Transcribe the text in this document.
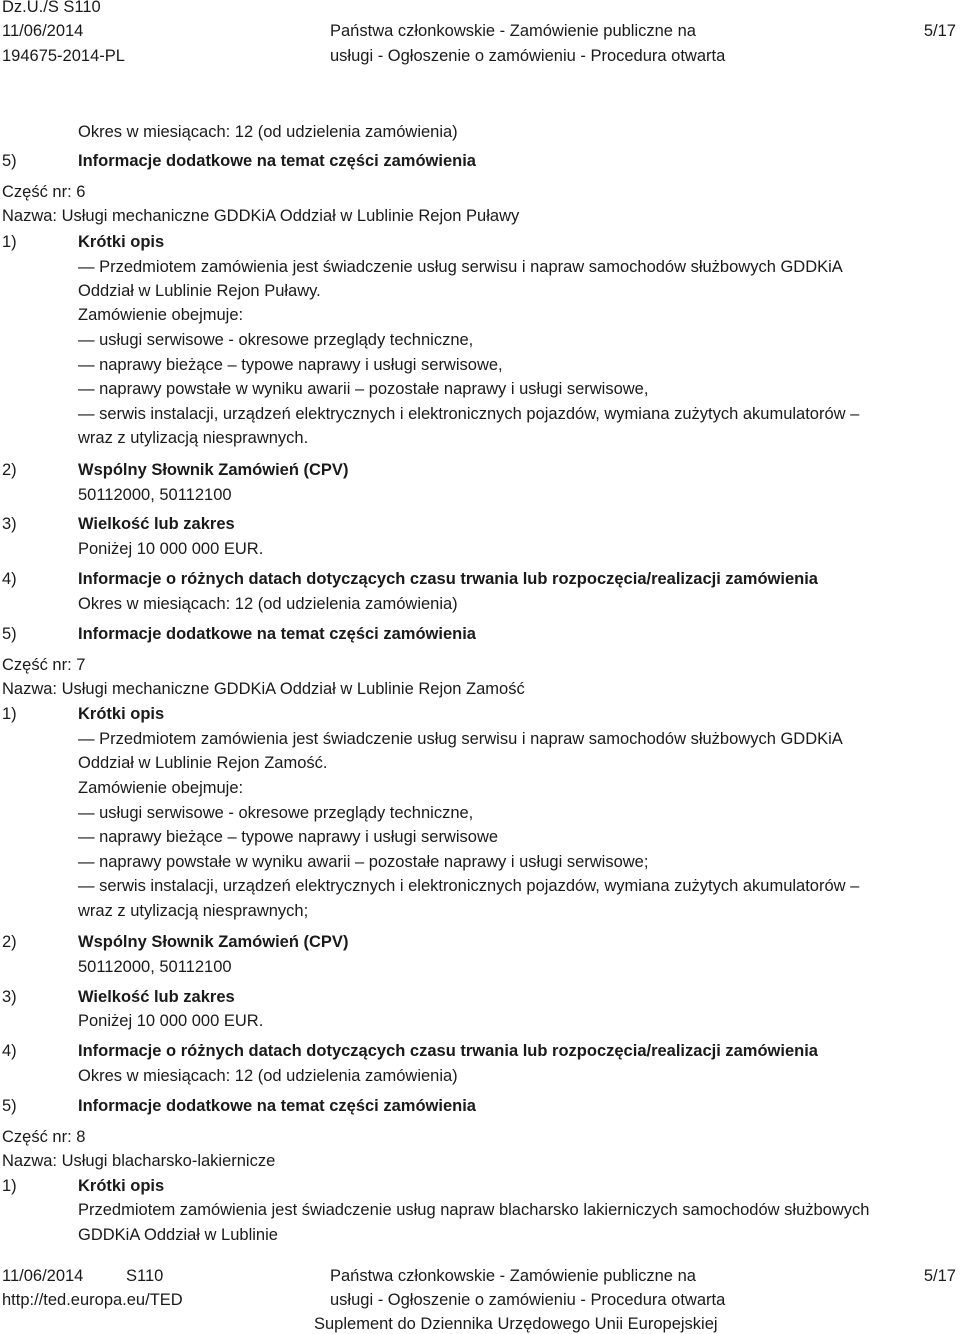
Dz.U./S S110
11/06/2014
194675-2014-PL
Państwa członkowskie - Zamówienie publiczne na
usługi - Ogłoszenie o zamówieniu - Procedura otwarta
5/17
Okres w miesiącach: 12 (od udzielenia zamówienia)
5)	Informacje dodatkowe na temat części zamówienia
Część nr: 6
Nazwa: Usługi mechaniczne GDDKiA Oddział w Lublinie Rejon Puławy
1)	Krótki opis
— Przedmiotem zamówienia jest świadczenie usług serwisu i napraw samochodów służbowych GDDKiA
Oddział w Lublinie Rejon Puławy.
Zamówienie obejmuje:
— usługi serwisowe - okresowe przeglądy techniczne,
— naprawy bieżące – typowe naprawy i usługi serwisowe,
— naprawy powstałe w wyniku awarii – pozostałe naprawy i usługi serwisowe,
— serwis instalacji, urządzeń elektrycznych i elektronicznych pojazdów, wymiana zużytych akumulatorów –
wraz z utylizacją niesprawnych.
2)	Wspólny Słownik Zamówień (CPV)
50112000, 50112100
3)	Wielkość lub zakres
Poniżej 10 000 000 EUR.
4)	Informacje o różnych datach dotyczących czasu trwania lub rozpoczęcia/realizacji zamówienia
Okres w miesiącach: 12 (od udzielenia zamówienia)
5)	Informacje dodatkowe na temat części zamówienia
Część nr: 7
Nazwa: Usługi mechaniczne GDDKiA Oddział w Lublinie Rejon Zamość
1)	Krótki opis
— Przedmiotem zamówienia jest świadczenie usług serwisu i napraw samochodów służbowych GDDKiA
Oddział w Lublinie Rejon Zamość.
Zamówienie obejmuje:
— usługi serwisowe - okresowe przeglądy techniczne,
— naprawy bieżące – typowe naprawy i usługi serwisowe
— naprawy powstałe w wyniku awarii – pozostałe naprawy i usługi serwisowe;
— serwis instalacji, urządzeń elektrycznych i elektronicznych pojazdów, wymiana zużytych akumulatorów –
wraz z utylizacją niesprawnych;
2)	Wspólny Słownik Zamówień (CPV)
50112000, 50112100
3)	Wielkość lub zakres
Poniżej 10 000 000 EUR.
4)	Informacje o różnych datach dotyczących czasu trwania lub rozpoczęcia/realizacji zamówienia
Okres w miesiącach: 12 (od udzielenia zamówienia)
5)	Informacje dodatkowe na temat części zamówienia
Część nr: 8
Nazwa: Usługi blacharsko-lakiernicze
1)	Krótki opis
Przedmiotem zamówienia jest świadczenie usług napraw blacharsko lakierniczych samochodów służbowych
GDDKiA Oddział w Lublinie
11/06/2014	S110
http://ted.europa.eu/TED
Państwa członkowskie - Zamówienie publiczne na
usługi - Ogłoszenie o zamówieniu - Procedura otwarta
Suplement do Dziennika Urzędowego Unii Europejskiej
5/17
